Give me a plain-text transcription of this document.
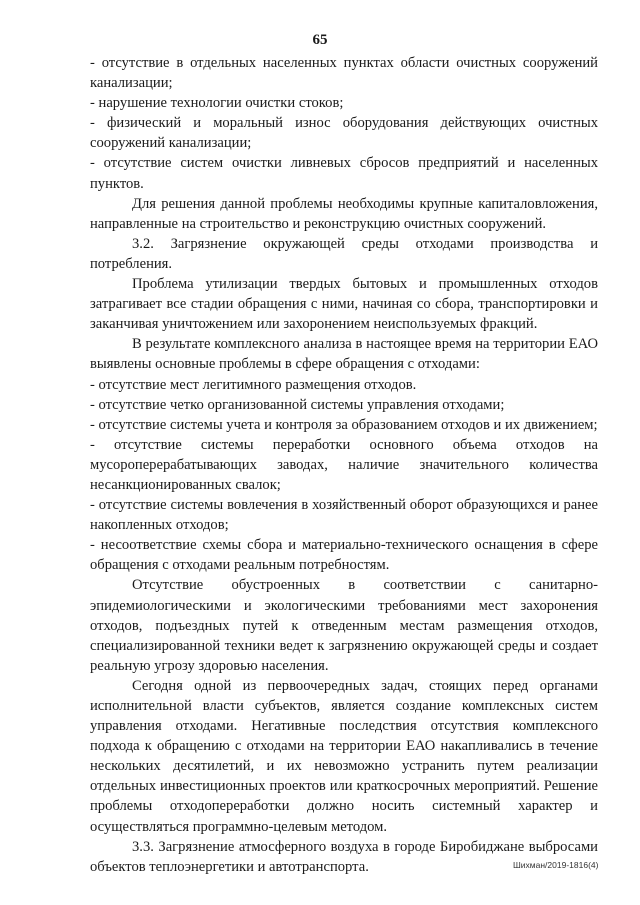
65

- отсутствие в отдельных населенных пунктах области очистных сооружений канализации;

- нарушение технологии очистки стоков;

- физический и моральный износ оборудования действующих очистных сооружений канализации;

- отсутствие систем очистки ливневых сбросов предприятий и населенных пунктов.

Для решения данной проблемы необходимы крупные капиталовложения, направленные на строительство и реконструкцию очистных сооружений.

3.2. Загрязнение окружающей среды отходами производства и потребления.

Проблема утилизации твердых бытовых и промышленных отходов затрагивает все стадии обращения с ними, начиная со сбора, транспортировки и заканчивая уничтожением или захоронением неиспользуемых фракций.

В результате комплексного анализа в настоящее время на территории ЕАО выявлены основные проблемы в сфере обращения с отходами:

- отсутствие мест легитимного размещения отходов.

- отсутствие четко организованной системы управления отходами;

- отсутствие системы учета и контроля за образованием отходов и их движением;

- отсутствие системы переработки основного объема отходов на мусороперерабатывающих заводах, наличие значительного количества несанкционированных свалок;

- отсутствие системы вовлечения в хозяйственный оборот образующихся и ранее накопленных отходов;

- несоответствие схемы сбора и материально-технического оснащения в сфере обращения с отходами реальным потребностям.

Отсутствие обустроенных в соответствии с санитарно-эпидемиологическими и экологическими требованиями мест захоронения отходов, подъездных путей к отведенным местам размещения отходов, специализированной техники ведет к загрязнению окружающей среды и создает реальную угрозу здоровью населения.

Сегодня одной из первоочередных задач, стоящих перед органами исполнительной власти субъектов, является создание комплексных систем управления отходами. Негативные последствия отсутствия комплексного подхода к обращению с отходами на территории ЕАО накапливались в течение нескольких десятилетий, и их невозможно устранить путем реализации отдельных инвестиционных проектов или краткосрочных мероприятий. Решение проблемы отходопереработки должно носить системный характер и осуществляться программно-целевым методом.

3.3. Загрязнение атмосферного воздуха в городе Биробиджане выбросами объектов теплоэнергетики и автотранспорта.	Шихман/2019-1816(4)
